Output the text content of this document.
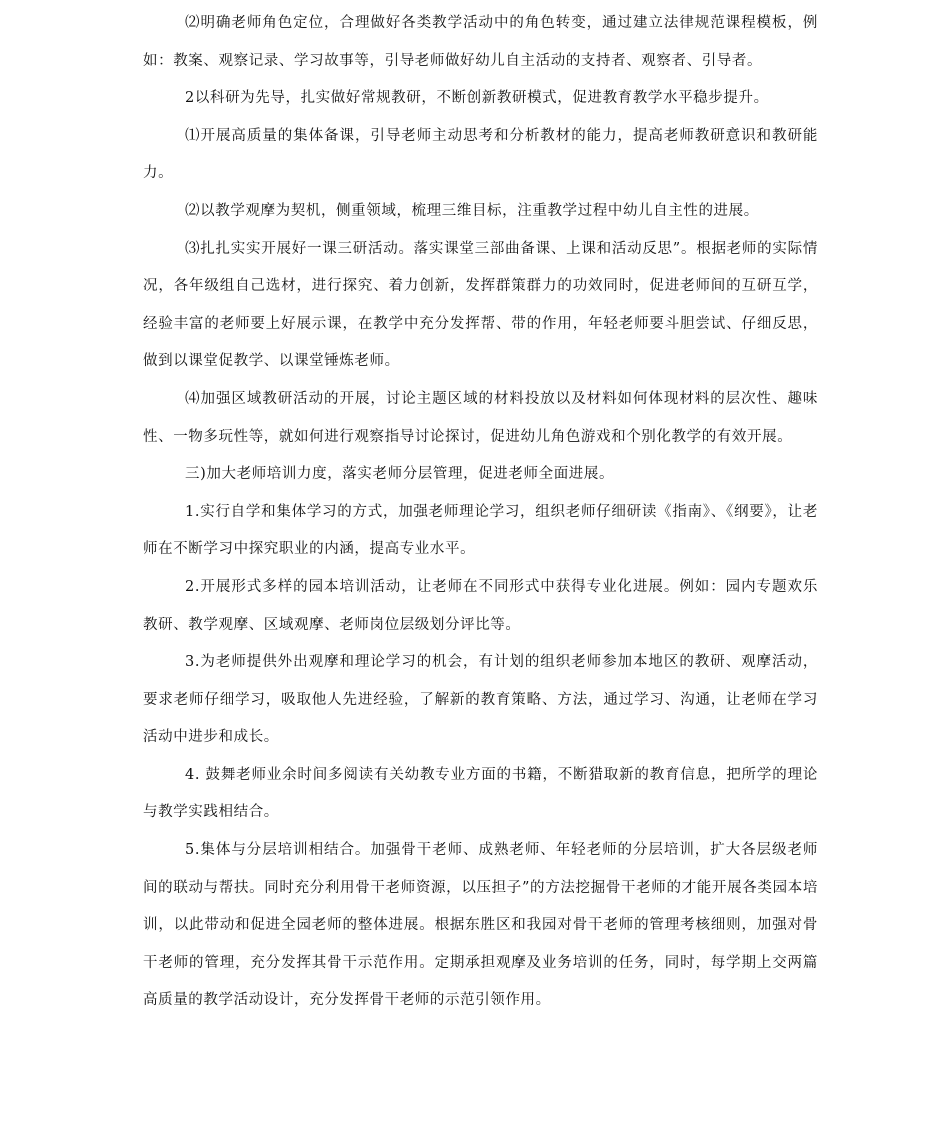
⑵明确老师角色定位，合理做好各类教学活动中的角色转变，通过建立法律规范课程模板，例如：教案、观察记录、学习故事等，引导老师做好幼儿自主活动的支持者、观察者、引导者。

2以科研为先导，扎实做好常规教研，不断创新教研模式，促进教育教学水平稳步提升。

⑴开展高质量的集体备课，引导老师主动思考和分析教材的能力，提高老师教研意识和教研能力。

⑵以教学观摩为契机，侧重领域，梳理三维目标，注重教学过程中幼儿自主性的进展。

⑶扎扎实实开展好一课三研活动。落实课堂三部曲备课、上课和活动反思”。根据老师的实际情况，各年级组自己选材，进行探究、着力创新，发挥群策群力的功效同时，促进老师间的互研互学，经验丰富的老师要上好展示课，在教学中充分发挥帮、带的作用，年轻老师要斗胆尝试、仔细反思，做到以课堂促教学、以课堂锤炼老师。

⑷加强区域教研活动的开展，讨论主题区域的材料投放以及材料如何体现材料的层次性、趣味性、一物多玩性等，就如何进行观察指导讨论探讨，促进幼儿角色游戏和个别化教学的有效开展。

三)加大老师培训力度，落实老师分层管理，促进老师全面进展。

1.实行自学和集体学习的方式，加强老师理论学习，组织老师仔细研读《指南》、《纲要》，让老师在不断学习中探究职业的内涵，提高专业水平。

2.开展形式多样的园本培训活动，让老师在不同形式中获得专业化进展。例如：园内专题欢乐教研、教学观摩、区域观摩、老师岗位层级划分评比等。

3.为老师提供外出观摩和理论学习的机会，有计划的组织老师参加本地区的教研、观摩活动，要求老师仔细学习，吸取他人先进经验，了解新的教育策略、方法，通过学习、沟通，让老师在学习活动中进步和成长。

4. 鼓舞老师业余时间多阅读有关幼教专业方面的书籍，不断猎取新的教育信息，把所学的理论与教学实践相结合。

5.集体与分层培训相结合。加强骨干老师、成熟老师、年轻老师的分层培训，扩大各层级老师间的联动与帮扶。同时充分利用骨干老师资源，以压担子”的方法挖掘骨干老师的才能开展各类园本培训，以此带动和促进全园老师的整体进展。根据东胜区和我园对骨干老师的管理考核细则，加强对骨干老师的管理，充分发挥其骨干示范作用。定期承担观摩及业务培训的任务，同时，每学期上交两篇高质量的教学活动设计，充分发挥骨干老师的示范引领作用。
